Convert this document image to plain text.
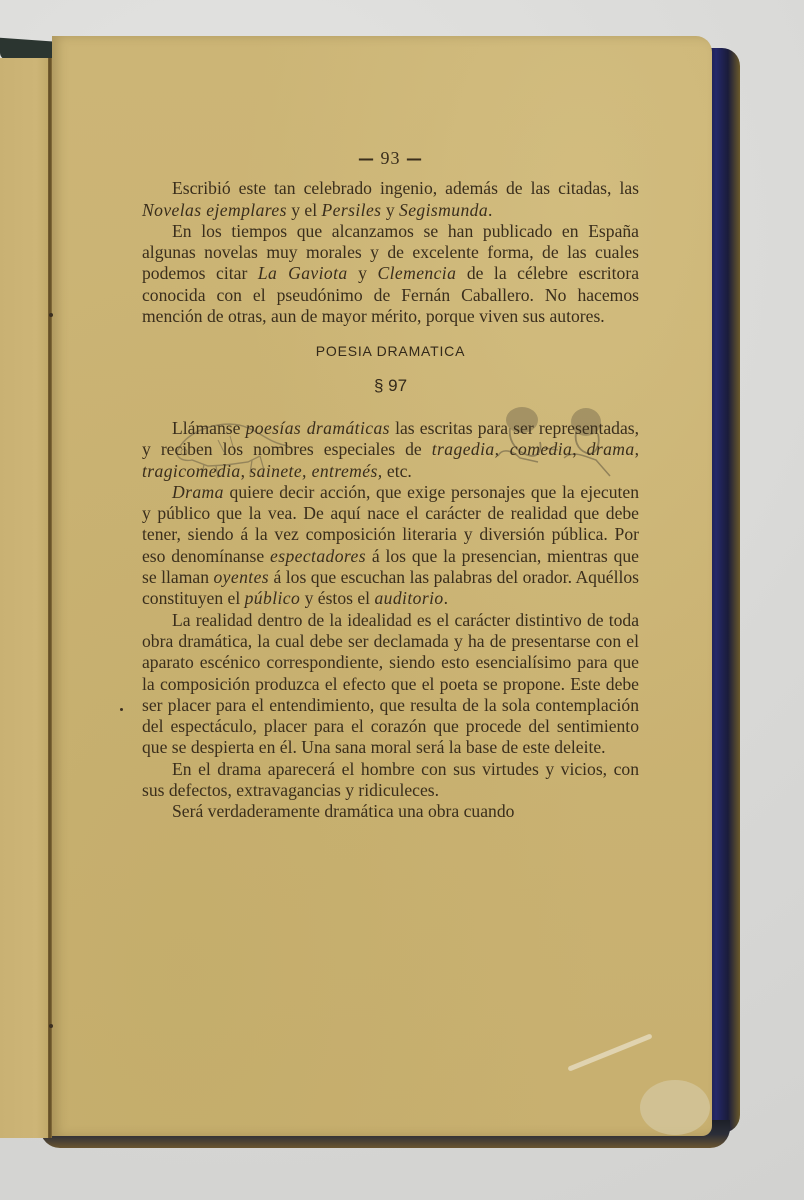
— 93 —

Escribió este tan celebrado ingenio, además de las citadas, las Novelas ejemplares y el Persiles y Segismunda.

En los tiempos que alcanzamos se han publicado en España algunas novelas muy morales y de excelente forma, de las cuales podemos citar La Gaviota y Clemencia de la célebre escritora conocida con el pseudónimo de Fernán Caballero. No hacemos mención de otras, aun de mayor mérito, porque viven sus autores.

POESIA DRAMATICA
§ 97

Llámanse poesías dramáticas las escritas para ser representadas, y reciben los nombres especiales de tragedia, comedia, drama, tragicomedia, sainete, entremés, etc.

Drama quiere decir acción, que exige personajes que la ejecuten y público que la vea. De aquí nace el carácter de realidad que debe tener, siendo á la vez composición literaria y diversión pública. Por eso denomínanse espectadores á los que la presencian, mientras que se llaman oyentes á los que escuchan las palabras del orador. Aquéllos constituyen el público y éstos el auditorio.

La realidad dentro de la idealidad es el carácter distintivo de toda obra dramática, la cual debe ser declamada y ha de presentarse con el aparato escénico correspondiente, siendo esto esencialísimo para que la composición produzca el efecto que el poeta se propone. Este debe ser placer para el entendimiento, que resulta de la sola contemplación del espectáculo, placer para el corazón que procede del sentimiento que se despierta en él. Una sana moral será la base de este deleite.

En el drama aparecerá el hombre con sus virtudes y vicios, con sus defectos, extravagancias y ridiculeces.

Será verdaderamente dramática una obra cuando
